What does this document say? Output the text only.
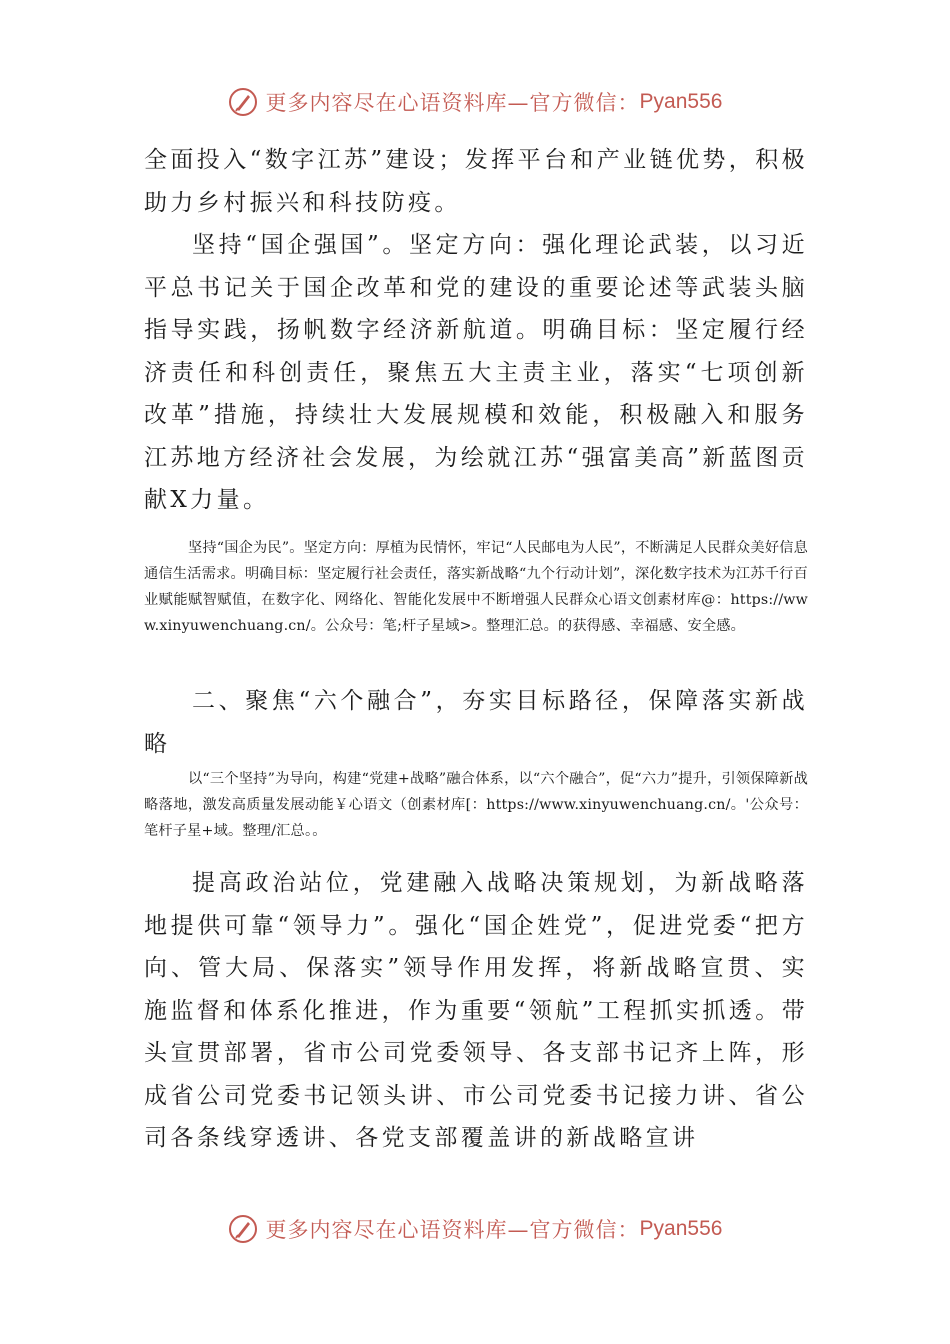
更多内容尽在心语资料库—官方微信： Pyan556

全面投入“数字江苏”建设；发挥平台和产业链优势，积极助力乡村振兴和科技防疫。

坚持“国企强国”。坚定方向：强化理论武装，以习近平总书记关于国企改革和党的建设的重要论述等武装头脑指导实践，扬帆数字经济新航道。明确目标：坚定履行经济责任和科创责任，聚焦五大主责主业，落实“七项创新改革”措施，持续壮大发展规模和效能，积极融入和服务江苏地方经济社会发展，为绘就江苏“强富美高”新蓝图贡献X力量。

坚持“国企为民”。坚定方向：厚植为民情怀，牢记“人民邮电为人民”，不断满足人民群众美好信息通信生活需求。明确目标：坚定履行社会责任，落实新战略“九个行动计划”，深化数字技术为江苏千行百业赋能赋智赋值，在数字化、网络化、智能化发展中不断增强人民群众心语文创素材库@：https://www.xinyuwenchuang.cn/。公众号：笔;杆子星域>。整理汇总。的获得感、幸福感、安全感。

二、聚焦“六个融合”，夯实目标路径，保障落实新战略

以“三个坚持”为导向，构建“党建+战略”融合体系，以“六个融合”，促“六力”提升，引领保障新战略落地，激发高质量发展动能￥心语文（创素材库[：https://www.xinyuwenchuang.cn/。'公众号：笔杆子星+域。整理/汇总。。

提高政治站位，党建融入战略决策规划，为新战略落地提供可靠“领导力”。强化“国企姓党”，促进党委“把方向、管大局、保落实”领导作用发挥，将新战略宣贯、实施监督和体系化推进，作为重要“领航”工程抓实抓透。带头宣贯部署，省市公司党委领导、各支部书记齐上阵，形成省公司党委书记领头讲、市公司党委书记接力讲、省公司各条线穿透讲、各党支部覆盖讲的新战略宣讲

更多内容尽在心语资料库—官方微信： Pyan556
